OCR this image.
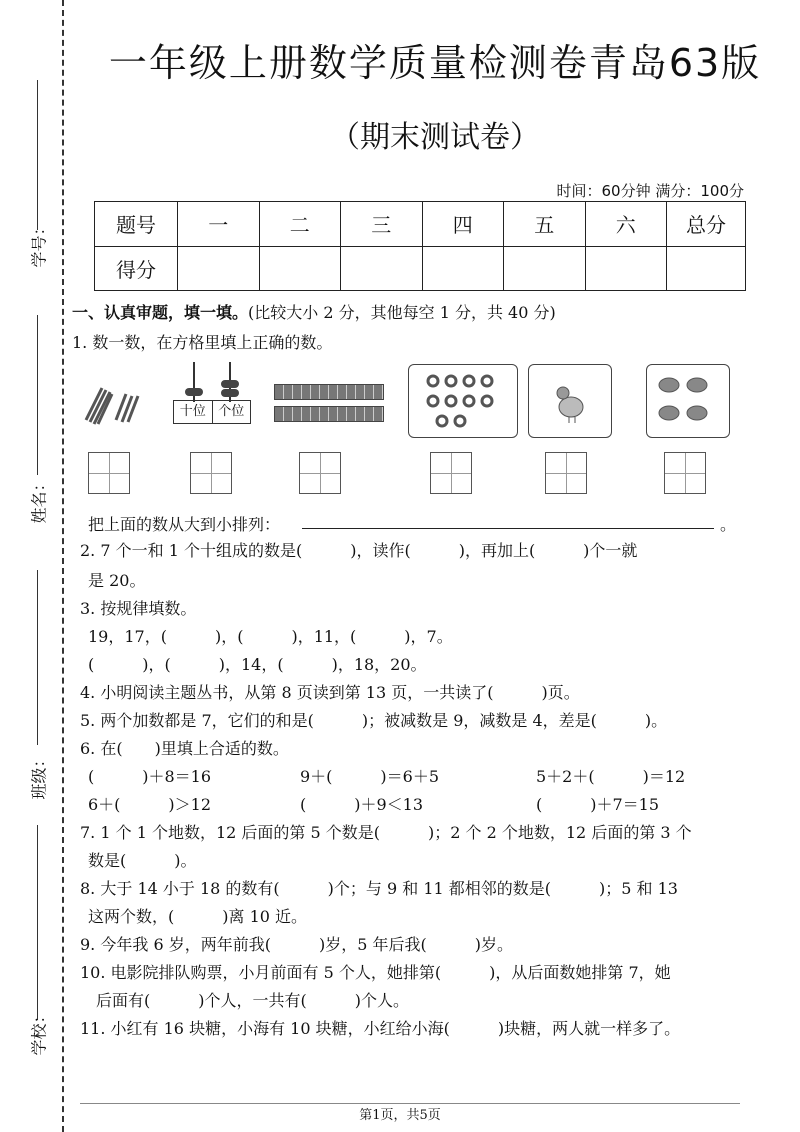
学号：
姓名：
班级：
学校：
一年级上册数学质量检测卷青岛63版
（期末测试卷）
时间：60分钟 满分：100分
题号	一	二	三	四	五	六	总分
得分							
一、认真审题，填一填。(比较大小 2 分，其他每空 1 分，共 40 分)
1. 数一数，在方格里填上正确的数。
十位 个位
把上面的数从大到小排列：	。
2. 7 个一和 1 个十组成的数是(　　　)，读作(　　　)，再加上(　　　)个一就
是 20。
3. 按规律填数。
19，17，(　　　)，(　　　)，11，(　　　)，7。
(　　　)，(　　　)，14，(　　　)，18，20。
4. 小明阅读主题丛书，从第 8 页读到第 13 页，一共读了(　　　)页。
5. 两个加数都是 7，它们的和是(　　　)；被减数是 9，减数是 4，差是(　　　)。
6. 在(　　)里填上合适的数。
(　　　)＋8＝16	9＋(　　　)＝6＋5	5＋2＋(　　　)＝12
6＋(　　　)＞12	(　　　)＋9＜13	(　　　)＋7＝15
7. 1 个 1 个地数，12 后面的第 5 个数是(　　　)；2 个 2 个地数，12 后面的第 3 个
数是(　　　)。
8. 大于 14 小于 18 的数有(　　　)个；与 9 和 11 都相邻的数是(　　　)；5 和 13
这两个数，(　　　)离 10 近。
9. 今年我 6 岁，两年前我(　　　)岁，5 年后我(　　　)岁。
10. 电影院排队购票，小月前面有 5 个人，她排第(　　　)，从后面数她排第 7，她
后面有(　　　)个人，一共有(　　　)个人。
11. 小红有 16 块糖，小海有 10 块糖，小红给小海(　　　)块糖，两人就一样多了。
第1页，共5页
